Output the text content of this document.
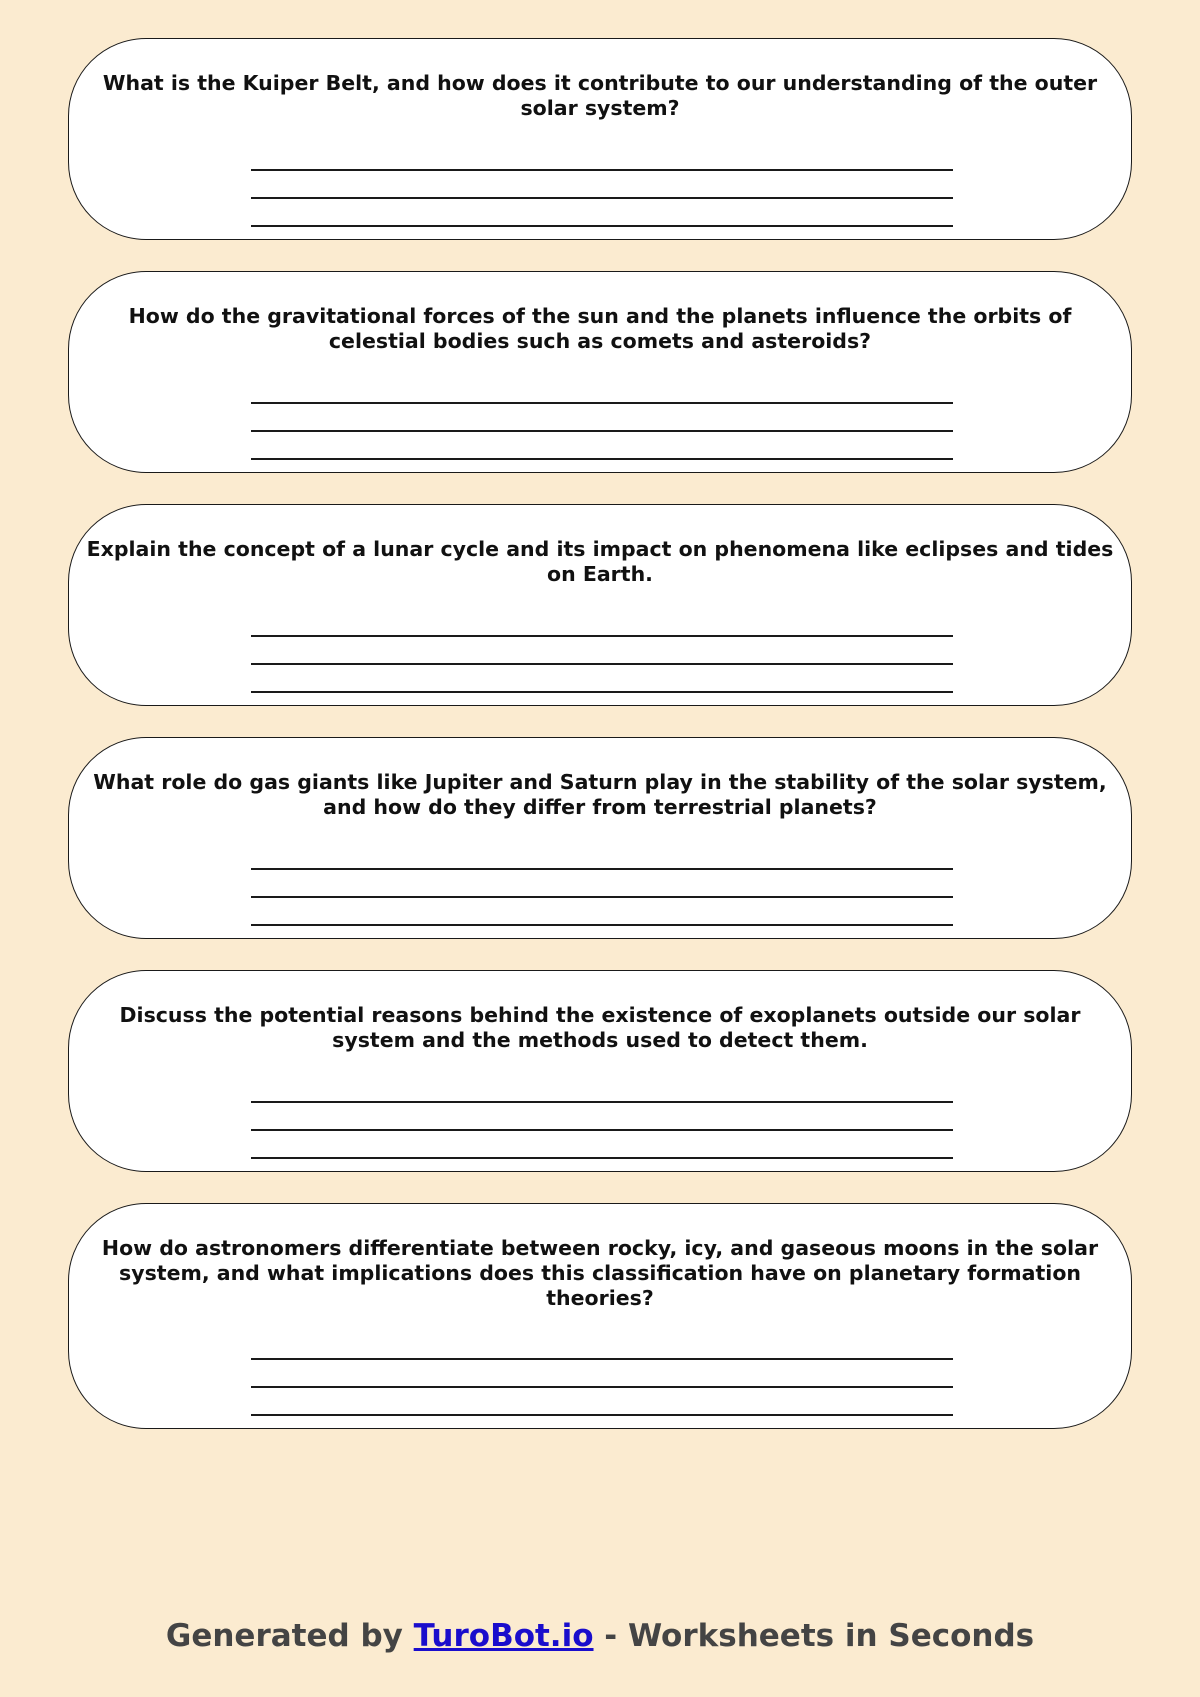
What is the Kuiper Belt, and how does it contribute to our understanding of the outer solar system?
How do the gravitational forces of the sun and the planets influence the orbits of celestial bodies such as comets and asteroids?
Explain the concept of a lunar cycle and its impact on phenomena like eclipses and tides on Earth.
What role do gas giants like Jupiter and Saturn play in the stability of the solar system, and how do they differ from terrestrial planets?
Discuss the potential reasons behind the existence of exoplanets outside our solar system and the methods used to detect them.
How do astronomers differentiate between rocky, icy, and gaseous moons in the solar system, and what implications does this classification have on planetary formation theories?
Generated by TuroBot.io - Worksheets in Seconds
